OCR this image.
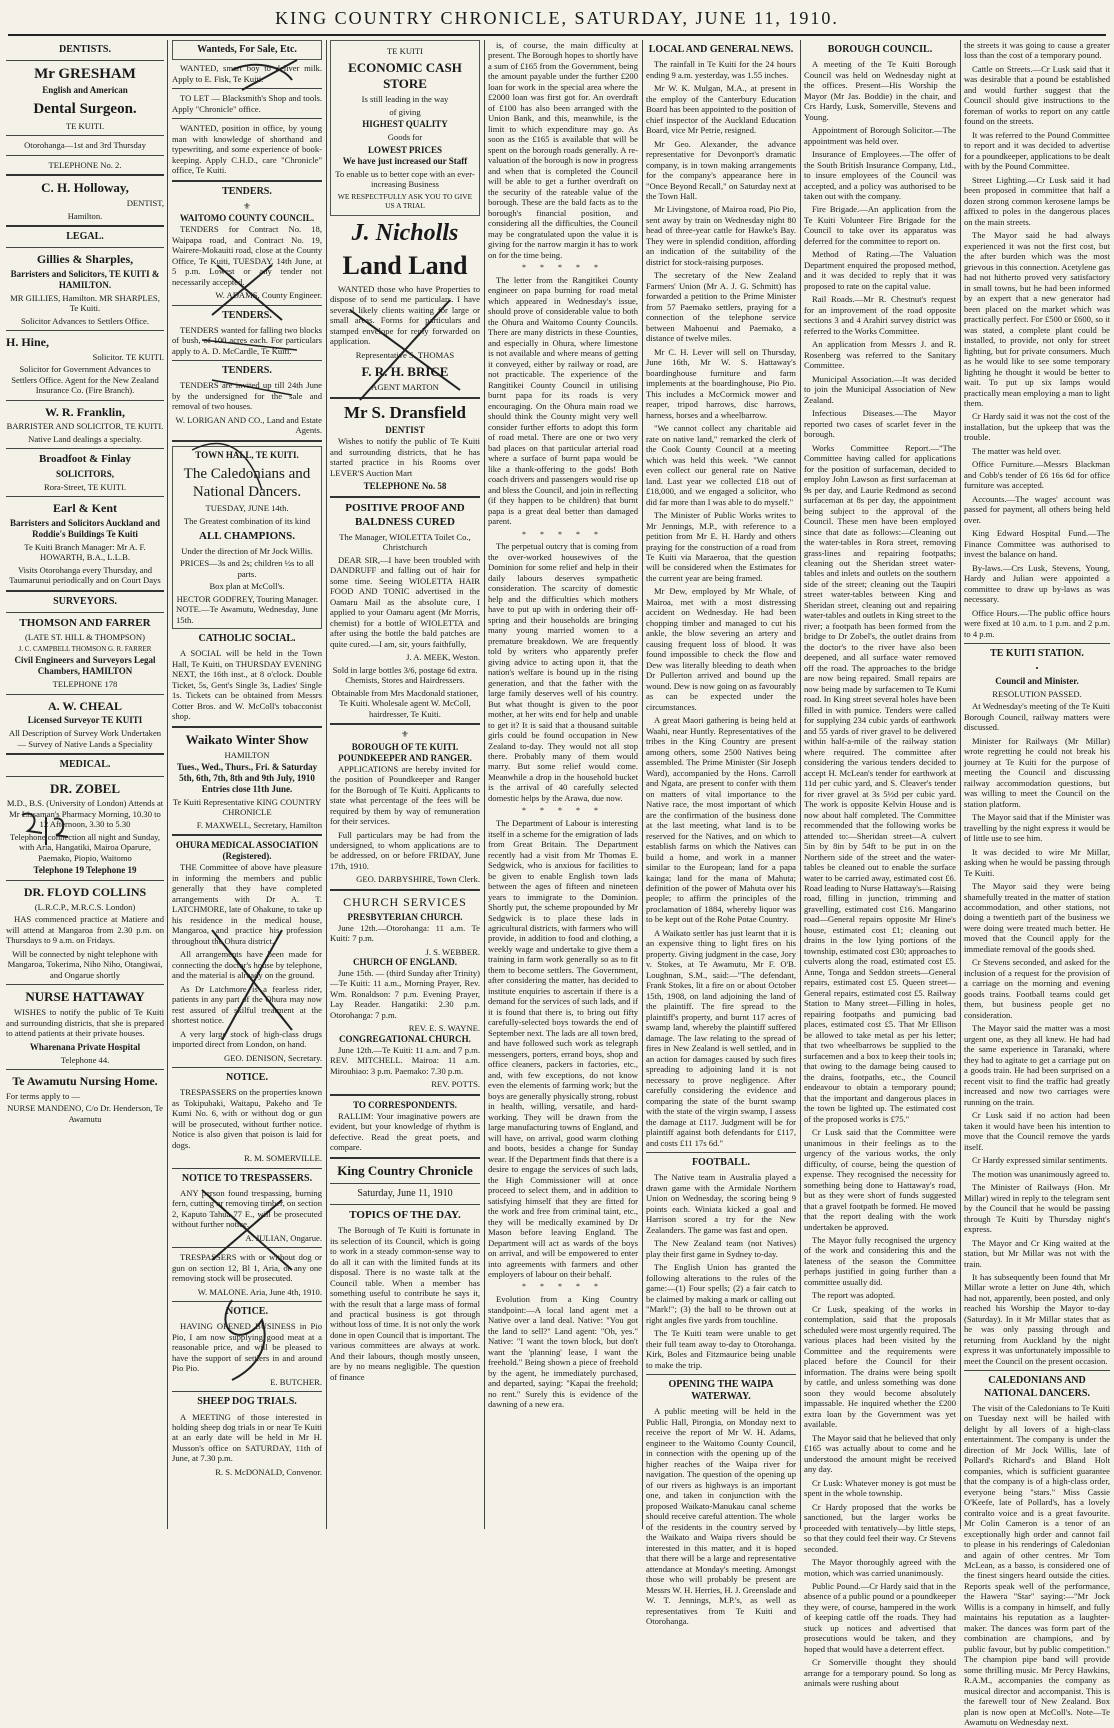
KING COUNTRY CHRONICLE, SATURDAY, JUNE 11, 1910.
DENTISTS.
Mr GRESHAM
English and American
Dental Surgeon.
TE KUITI.
Otorohanga—1st and 3rd Thursday
TELEPHONE No. 2.
C. H. Holloway,
DENTIST,
Hamilton.
LEGAL.
Gillies & Sharples,
Barristers and Solicitors, TE KUITI & HAMILTON.
MR GILLIES, Hamilton. MR SHARPLES, Te Kuiti.
Solicitor Advances to Settlers Office.
H. Hine,
Solicitor. TE KUITI.
Solicitor for Government Advances to Settlers Office. Agent for the New Zealand Insurance Co. (Fire Branch).
W. R. Franklin,
BARRISTER AND SOLICITOR, TE KUITI.
Native Land dealings a specialty.
Broadfoot & Finlay
SOLICITORS,
Rora-Street, TE KUITI.
Earl & Kent
Barristers and Solicitors Auckland and Roddie's Buildings Te Kuiti
Te Kuiti Branch Manager: Mr A. F. HOWARTH, B.A., L.L.B.
Visits Otorohanga every Thursday, and Taumarunui periodically and on Court Days
SURVEYORS.
THOMSON AND FARRER
(LATE ST. HILL & THOMPSON)
J. C. CAMPBELL THOMSON G. R. FARRER
Civil Engineers and Surveyors Legal Chambers, HAMILTON
TELEPHONE 178
A. W. CHEAL
Licensed Surveyor TE KUITI
All Description of Survey Work Undertaken — Survey of Native Lands a Speciality
MEDICAL.
DR. ZOBEL
M.D., B.S. (University of London) Attends at Mr Lissaman's Pharmacy Morning, 10.30 to 12 Afternoon, 3.30 to 5.30
Telephone connection all night and Sunday, with Aria, Hangatiki, Mairoa Oparure, Paemako, Piopio, Waitomo
Telephone 19 Telephone 19
DR. FLOYD COLLINS
(L.R.C.P., M.R.C.S. London)

HAS commenced practice at Matiere and will attend at Mangaroa from 2.30 p.m. on Thursdays to 9 a.m. on Fridays.

Will be connected by night telephone with Mangaroa, Tokerima, Niho Niho, Otangiwai, and Ongarue shortly
NURSE HATTAWAY

WISHES to notify the public of Te Kuiti and surrounding districts, that she is prepared to attend patients at their private houses.

Wharenana Private Hospital
Telephone 44.
Te Awamutu Nursing Home.
For terms apply to —
NURSE MANDENO, C/o Dr. Henderson, Te Awamutu
Wanteds, For Sale, Etc.

WANTED, smart boy to deliver milk. Apply to E. Fisk, Te Kuiti.

TO LET — Blacksmith's Shop and tools. Apply "Chronicle" office.

WANTED, position in office, by young man with knowledge of shorthand and typewriting, and some experience of book-keeping. Apply C.H.D., care "Chronicle" office, Te Kuiti.

TENDERS.
⚜
WAITOMO COUNTY COUNCIL.

TENDERS for Contract No. 18, Waipapa road, and Contract No. 19, Wairere-Mokauiti road, close at the County Office, Te Kuiti, TUESDAY, 14th June, at 5 p.m. Lowest or any tender not necessarily accepted.

W. ADAMS, County Engineer.
TENDERS.

TENDERS wanted for falling two blocks of bush, of 100 acres each. For particulars apply to A. D. McCardle, Te Kuiti.

TENDERS.

TENDERS are invited up till 24th June by the undersigned for the sale and removal of two houses.

W. LORIGAN AND CO., Land and Estate Agents.
TOWN HALL, TE KUITI.
The Caledonians and National Dancers.
TUESDAY, JUNE 14th.
The Greatest combination of its kind
ALL CHAMPIONS.
Under the direction of Mr Jock Willis.
PRICES—3s and 2s; children ½s to all parts.
Box plan at McColl's.
HECTOR GODFREY, Touring Manager.
NOTE.—Te Awamutu, Wednesday, June 15th.
CATHOLIC SOCIAL.

A SOCIAL will be held in the Town Hall, Te Kuiti, on THURSDAY EVENING NEXT, the 16th inst., at 8 o'clock. Double Ticket, 5s, Gent's Single 3s, Ladies' Single 1s. Tickets can be obtained from Messrs Cotter Bros. and W. McColl's tobacconist shop.

Waikato Winter Show
HAMILTON
Tues., Wed., Thurs., Fri. & Saturday 5th, 6th, 7th, 8th and 9th July, 1910
Entries close 11th June.
Te Kuiti Representative KING COUNTRY CHRONICLE
F. MAXWELL, Secretary, Hamilton
OHURA MEDICAL ASSOCIATION (Registered).

THE Committee of above have pleasure in informing the members and public generally that they have completed arrangements with Dr A. T. LATCHMORE, late of Ohakune, to take up his residence in the medical house, Mangaroa, and practice his profession throughout the Ohura district.

All arrangements have been made for connecting the doctor's house by telephone, and the material is already on the ground.

As Dr Latchmore is a fearless rider, patients in any part of the Ohura may now rest assured of skilful treatment at the shortest notice.

A very large stock of high-class drugs imported direct from London, on hand.

GEO. DENISON, Secretary.
NOTICE.

TRESPASSERS on the properties known as Tokipuhaki, Waitapu, Pakeho and Te Kumi No. 6, with or without dog or gun will be prosecuted, without further notice. Notice is also given that poison is laid for dogs.

R. M. SOMERVILLE.
NOTICE TO TRESPASSERS.

ANY person found trespassing, burning fern, cutting or removing timber, on section 2, Kaputo Tahua 77 E., will be prosecuted without further notice.

A. JULIAN, Ongarue.

TRESPASSERS with or without dog or gun on section 12, Bl 1, Aria, or any one removing stock will be prosecuted.

W. MALONE. Aria, June 4th, 1910.
NOTICE.

HAVING OPENED BUSINESS in Pio Pio, I am now supplying good meat at a reasonable price, and will be pleased to have the support of settlers in and around Pio Pio.

E. BUTCHER.
SHEEP DOG TRIALS.

A MEETING of those interested in holding sheep dog trials in or near Te Kuiti at an early date will be held in Mr H. Musson's office on SATURDAY, 11th of June, at 7.30 p.m.

R. S. McDONALD, Convenor.
TE KUITI
ECONOMIC CASH STORE
Is still leading in the way
of giving
HIGHEST QUALITY
Goods for
LOWEST PRICES
We have just increased our Staff
To enable us to better cope with an ever-increasing Business
WE RESPECTFULLY ASK YOU TO GIVE US A TRIAL
J. Nicholls
Land Land

WANTED those who have Properties to dispose of to send me particulars. I have several likely clients waiting for large or small areas. Forms for particulars and stamped envelope for reply forwarded on application.

Representative S. THOMAS
F. R. H. BRICE
AGENT MARTON
Mr S. Dransfield
DENTIST

Wishes to notify the public of Te Kuiti and surrounding districts, that he has started practice in his Rooms over LEVER'S Auction Mart

TELEPHONE No. 58
POSITIVE PROOF AND BALDNESS CURED
The Manager, WIOLETTA Toilet Co., Christchurch

DEAR SIR,—I have been troubled with DANDRUFF and falling out of hair for some time. Seeing WIOLETTA HAIR FOOD AND TONIC advertised in the Oamaru Mail as the absolute cure, I applied to your Oamaru agent (Mr Morris, chemist) for a bottle of WIOLETTA and after using the bottle the bald patches are quite cured.—I am, sir, yours faithfully,

J. A. MEEK, Weston.
Sold in large bottles 3/6, postage 6d extra. Chemists, Stores and Hairdressers.
Obtainable from Mrs Macdonald stationer, Te Kuiti. Wholesale agent W. McColl, hairdresser, Te Kuiti.
⚜
BOROUGH OF TE KUITI.
POUNDKEEPER AND RANGER.

APPLICATIONS are hereby invited for the position of Poundkeeper and Ranger for the Borough of Te Kuiti. Applicants to state what percentage of the fees will be required by them by way of remuneration for their services.

Full particulars may be had from the undersigned, to whom applications are to be addressed, on or before FRIDAY, June 17th, 1910.

GEO. DARBYSHIRE, Town Clerk.
CHURCH SERVICES
PRESBYTERIAN CHURCH.

June 12th.—Otorohanga: 11 a.m. Te Kuiti: 7 p.m.

J. S. WEBBER.
CHURCH OF ENGLAND.

June 15th. — (third Sunday after Trinity)—Te Kuiti: 11 a.m., Morning Prayer, Rev. Wm. Ronaldson: 7 p.m. Evening Prayer, Lay Reader. Hangatiki: 2.30 p.m. Otorohanga: 7 p.m.

REV. E. S. WAYNE.
CONGREGATIONAL CHURCH.

June 12th.—Te Kuiti: 11 a.m. and 7 p.m. REV. MITCHELL. Mairoa: 11 a.m. Mirouhiao: 3 p.m. Paemako: 7.30 p.m.

REV. POTTS.
TO CORRESPONDENTS.

RALLIM: Your imaginative powers are evident, but your knowledge of rhythm is defective. Read the great poets, and compare.

King Country Chronicle
Saturday, June 11, 1910
TOPICS OF THE DAY.

The Borough of Te Kuiti is fortunate in its selection of its Council, which is going to work in a steady common-sense way to do all it can with the limited funds at its disposal. There is no waste talk at the Council table. When a member has something useful to contribute he says it, with the result that a large mass of formal and practical business is got through without loss of time. It is not only the work done in open Council that is important. The various committees are always at work. And their labours, though mostly unseen, are by no means negligible. The question of finance

is, of course, the main difficulty at present. The Borough hopes to shortly have a sum of £165 from the Government, being the amount payable under the further £200 loan for work in the special area where the £2000 loan was first got for. An overdraft of £100 has also been arranged with the Union Bank, and this, meanwhile, is the limit to which expenditure may go. As soon as the £165 is available that will be spent on the borough roads generally. A re-valuation of the borough is now in progress and when that is completed the Council will be able to get a further overdraft on the security of the rateable value of the borough. These are the bald facts as to the borough's financial position, and considering all the difficulties, the Council may be congratulated upon the value it is giving for the narrow margin it has to work on for the time being.

* * * * *

The letter from the Rangitikei County engineer on papa burning for road metal which appeared in Wednesday's issue, should prove of considerable value to both the Ohura and Waitomo County Councils. There are many districts in these Counties, and especially in Ohura, where limestone is not available and where means of getting it conveyed, either by railway or road, are not practicable. The experience of the Rangitikei County Council in utilising burnt papa for its roads is very encouraging. On the Ohura main road we should think the County might very well consider further efforts to adopt this form of road metal. There are one or two very bad places on that particular arterial road where a surface of burnt papa would be like a thank-offering to the gods! Both coach drivers and passengers would rise up and bless the Council, and join in reflecting (if they happen to be children) that burnt papa is a great deal better than damaged parent.

* * * * *

The perpetual outcry that is coming from the over-worked housewives of the Dominion for some relief and help in their daily labours deserves sympathetic consideration. The scarcity of domestic help and the difficulties which mothers have to put up with in ordering their off-spring and their households are bringing many young married women to a premature breakdown. We are frequently told by writers who apparently prefer giving advice to acting upon it, that the nation's welfare is bound up in the rising generation, and that the father with the large family deserves well of his country. But what thought is given to the poor mother, at her wits end for help and unable to get it? It is said that a thousand suitable girls could be found occupation in New Zealand to-day. They would not all stop there. Probably many of them would marry. But some relief would come. Meanwhile a drop in the household bucket is the arrival of 40 carefully selected domestic helps by the Arawa, due now.

* * * * *

The Department of Labour is interesting itself in a scheme for the emigration of lads from Great Britain. The Department recently had a visit from Mr Thomas E. Sedgwick, who is anxious for facilities to be given to enable English town lads between the ages of fifteen and nineteen years to immigrate to the Dominion. Shortly put, the scheme propounded by Mr Sedgwick is to place these lads in agricultural districts, with farmers who will provide, in addition to food and clothing, a weekly wage and undertake to give them a training in farm work generally so as to fit them to become settlers. The Government, after considering the matter, has decided to institute enquiries to ascertain if there is a demand for the services of such lads, and if it is found that there is, to bring out fifty carefully-selected boys towards the end of September next. The lads are all town bred, and have followed such work as telegraph messengers, porters, errand boys, shop and office cleaners, packers in factories, etc., and, with few exceptions, do not know even the elements of farming work; but the boys are generally physically strong, robust in health, willing, versatile, and hard-working. They will be drawn from the large manufacturing towns of England, and will have, on arrival, good warm clothing and boots, besides a change for Sunday wear. If the Department finds that there is a desire to engage the services of such lads, the High Commissioner will at once proceed to select them, and in addition to satisfying himself that they are fitted for the work and free from criminal taint, etc., they will be medically examined by Dr Mason before leaving England. The Department will act as wards of the boys on arrival, and will be empowered to enter into agreements with farmers and other employers of labour on their behalf.

* * * * *

Evolution from a King Country standpoint:—A local land agent met a Native over a land deal. Native: "You got the land to sell?" Land agent: "Oh, yes." Native: "I want the town block, but don't want the 'planning' lease, I want the freehold." Being shown a piece of freehold by the agent, he immediately purchased, and departed, saying: "Kapai the freehold; no rent." Surely this is evidence of the dawning of a new era.

LOCAL AND GENERAL NEWS.

The rainfall in Te Kuiti for the 24 hours ending 9 a.m. yesterday, was 1.55 inches.

Mr W. K. Mulgan, M.A., at present in the employ of the Canterbury Education Board has been appointed to the position of chief inspector of the Auckland Education Board, vice Mr Petrie, resigned.

Mr Geo. Alexander, the advance representative for Devonport's dramatic company, is in town making arrangements for the company's appearance here in "Once Beyond Recall," on Saturday next at the Town Hall.

Mr Livingstone, of Mairoa road, Pio Pio, sent away by train on Wednesday night 80 head of three-year cattle for Hawke's Bay. They were in splendid condition, affording an indication of the suitability of the district for stock-raising purposes.

The secretary of the New Zealand Farmers' Union (Mr A. J. G. Schmitt) has forwarded a petition to the Prime Minister from 57 Paemako settlers, praying for a connection of the telephone service between Mahoenui and Paemako, a distance of twelve miles.

Mr C. H. Lever will sell on Thursday, June 16th, Mr W. S. Hattaway's boardinghouse furniture and farm implements at the boardinghouse, Pio Pio. This includes a McCormick mower and reaper, tripod harrows, disc harrows, harness, horses and a wheelbarrow.

"We cannot collect any charitable aid rate on native land," remarked the clerk of the Cook County Council at a meeting which was held this week. "We cannot even collect our general rate on Native land. Last year we collected £18 out of £18,000, and we engaged a solicitor, who did far more than I was able to do myself."

The Minister of Public Works writes to Mr Jennings, M.P., with reference to a petition from Mr E. H. Hardy and others praying for the construction of a road from Te Kuiti via Maraeroa, that the question will be considered when the Estimates for the current year are being framed.

Mr Dew, employed by Mr Whale, of Mairoa, met with a most distressing accident on Wednesday. He had been chopping timber and managed to cut his ankle, the blow severing an artery and causing frequent loss of blood. It was found impossible to check the flow and Dew was literally bleeding to death when Dr Pullerton arrived and bound up the wound. Dew is now going on as favourably as can be expected under the circumstances.

A great Maori gathering is being held at Waahi, near Huntly. Representatives of the tribes in the King Country are present among others, some 2500 Natives being assembled. The Prime Minister (Sir Joseph Ward), accompanied by the Hons. Carroll and Ngata, are present to confer with them on matters of vital importance to the Native race, the most important of which are the confirmation of the business done at the last meeting, what land is to be reserved for the Natives, and on which to establish farms on which the Natives can build a home, and work in a manner similar to the European; land for a papa kainga; land for the mana of Mahuta; definition of the power of Mahuta over his people; to affirm the principles of the proclamation of 1884, whereby liquor was to be kept out of the Rohe Potae Country.

A Waikato settler has just learnt that it is an expensive thing to light fires on his property. Giving judgment in the case, Jory v. Stokes, at Te Awamutu, Mr F. O'B. Loughnan, S.M., said:—"The defendant, Frank Stokes, lit a fire on or about October 15th, 1908, on land adjoining the land of the plaintiff. The fire spread to the plaintiff's property, and burnt 117 acres of swamp land, whereby the plaintiff suffered damage. The law relating to the spread of fires in New Zealand is well settled, and in an action for damages caused by such fires spreading to adjoining land it is not necessary to prove negligence. After carefully considering the evidence and comparing the state of the burnt swamp with the state of the virgin swamp, I assess the damage at £117. Judgment will be for plaintiff against both defendants for £117, and costs £11 17s 6d."

FOOTBALL.

The Native team in Australia played a drawn game with the Armidale Northern Union on Wednesday, the scoring being 9 points each. Winiata kicked a goal and Harrison scored a try for the New Zealanders. The game was fast and open.

The New Zealand team (not Natives) play their first game in Sydney to-day.

The English Union has granted the following alterations to the rules of the game:—(1) Four spells; (2) a fair catch to be claimed by making a mark or calling out "Mark!"; (3) the ball to be thrown out at right angles five yards from touchline.

The Te Kuiti team were unable to get their full team away to-day to Otorohanga. Kirk, Boles and Fitzmaurice being unable to make the trip.

OPENING THE WAIPA WATERWAY.

A public meeting will be held in the Public Hall, Pirongia, on Monday next to receive the report of Mr W. H. Adams, engineer to the Waitomo County Council, in connection with the opening up of the higher reaches of the Waipa river for navigation. The question of the opening up of our rivers as highways is an important one, and taken in conjunction with the proposed Waikato-Manukau canal scheme should receive careful attention. The whole of the residents in the country served by the Waikato and Waipa rivers should be interested in this matter, and it is hoped that there will be a large and representative attendance at Monday's meeting. Amongst those who will probably be present are Messrs W. H. Herries, H. J. Greenslade and W. T. Jennings, M.P.'s, as well as representatives from Te Kuiti and Otorohanga.

BOROUGH COUNCIL.

A meeting of the Te Kuiti Borough Council was held on Wednesday night at the offices. Present—His Worship the Mayor (Mr Jas. Boddie) in the chair, and Crs Hardy, Lusk, Somerville, Stevens and Young.

Appointment of Borough Solicitor.—The appointment was held over.

Insurance of Employees.—The offer of the South British Insurance Company, Ltd., to insure employees of the Council was accepted, and a policy was authorised to be taken out with the company.

Fire Brigade.—An application from the Te Kuiti Volunteer Fire Brigade for the Council to take over its apparatus was deferred for the committee to report on.

Method of Rating.—The Valuation Department enquired the proposed method, and it was decided to reply that it was proposed to rate on the capital value.

Rail Roads.—Mr R. Chestnut's request for an improvement of the road opposite sections 3 and 4 Arahiri survey district was referred to the Works Committee.

An application from Messrs J. and R. Rosenberg was referred to the Sanitary Committee.

Municipal Association.—It was decided to join the Municipal Association of New Zealand.

Infectious Diseases.—The Mayor reported two cases of scarlet fever in the borough.

Works Committee Report.—"The Committee having called for applications for the position of surfaceman, decided to employ John Lawson as first surfaceman at 9s per day, and Laurie Redmond as second surfaceman at 8s per day, the appointment being subject to the approval of the Council. These men have been employed since that date as follows:—Cleaning out the water-tables in Rora street, removing grass-lines and repairing footpaths; cleaning out the Sheridan street water-tables and inlets and outlets on the southern side of the street; cleaning out the Taupiri street water-tables between King and Sheridan street, cleaning out and repairing water-tables and outlets in King street to the river; a footpath has been formed from the bridge to Dr Zobel's, the outlet drains from the doctor's to the river have also been deepened, and all surface water removed off the road. The approaches to the bridge are now being repaired. Small repairs are now being made by surfacemen to Te Kumi road. In King street several holes have been filled in with pumice. Tenders were called for supplying 234 cubic yards of earthwork and 55 yards of river gravel to be delivered within half-a-mile of the railway station where required. The committee after considering the various tenders decided to accept H. McLean's tender for earthwork at 11d per cubic yard, and S. Cleaver's tender for river gravel at 3s 5½d per cubic yard. The work is opposite Kelvin House and is now about half completed. The Committee recommended that the following works be attended to:—Sheridan street—A culvert 5in by 8in by 54ft to be put in on the Northern side of the street and the water-tables be cleaned out to enable the surface water to be carried away, estimated cost £6. Road leading to Nurse Hattaway's—Raising road, filling in junction, trimming and gravelling, estimated cost £16. Mangarino road—General repairs opposite Mr Hine's house, estimated cost £1; cleaning out drains in the low lying portions of the township, estimated cost £30; approaches to culverts along the road, estimated cost £5. Anne, Tonga and Seddon streets—General repairs, estimated cost £5. Queen street—General repairs, estimated cost £5. Railway Station to Many street—Filling in holes, repairing footpaths and pumicing bad places, estimated cost £5. That Mr Ellison be allowed to take metal as per his letter; that two wheelbarrows be supplied to the surfacemen and a box to keep their tools in; that owing to the damage being caused to the drains, footpaths, etc., the Council endeavour to obtain a temporary pound; that the important and dangerous places in the town be lighted up. The estimated cost of the proposed works is £75."

Cr Lusk said that the Committee were unanimous in their feelings as to the urgency of the various works, the only difficulty, of course, being the question of expense. They recognised the necessity for something being done to Hattaway's road, but as they were short of funds suggested that a gravel footpath be formed. He moved that the report dealing with the work undertaken be approved.

The Mayor fully recognised the urgency of the work and considering this and the lateness of the season the Committee perhaps justified in going further than a committee usually did.

The report was adopted.

Cr Lusk, speaking of the works in contemplation, said that the proposals scheduled were most urgently required. The various places had been visited by the Committee and the requirements were placed before the Council for their information. The drains were being spoilt by cattle, and unless something was done soon they would become absolutely impassable. He inquired whether the £200 extra loan by the Government was yet available.

The Mayor said that he believed that only £165 was actually about to come and he understood the amount might be received any day.

Cr Lusk: Whatever money is got must be spent in the whole township.

Cr Hardy proposed that the works be sanctioned, but the larger works be proceeded with tentatively—by little steps, so that they could feel their way. Cr Stevens seconded.

The Mayor thoroughly agreed with the motion, which was carried unanimously.

Public Pound.—Cr Hardy said that in the absence of a public pound or a poundkeeper they were, of course, hampered in the work of keeping cattle off the roads. They had stuck up notices and advertised that prosecutions would be taken, and they hoped that would have a deterrent effect.

Cr Somerville thought they should arrange for a temporary pound. So long as animals were rushing about

the streets it was going to cause a greater loss than the cost of a temporary pound.

Cattle on Streets.—Cr Lusk said that it was desirable that a pound be established and would further suggest that the Council should give instructions to the foreman of works to report on any cattle found on the streets.

It was referred to the Pound Committee to report and it was decided to advertise for a poundkeeper, applications to be dealt with by the Pound Committee.

Street Lighting.—Cr Lusk said it had been proposed in committee that half a dozen strong common kerosene lamps be affixed to poles in the dangerous places on the main streets.

The Mayor said he had always experienced it was not the first cost, but the after burden which was the most grievous in this connection. Acetylene gas had not hitherto proved very satisfactory in small towns, but he had been informed by an expert that a new generator had been placed on the market which was practically perfect. For £500 or £600, so it was stated, a complete plant could be installed, to provide, not only for street lighting, but for private consumers. Much as he would like to see some temporary lighting he thought it would be better to wait. To put up six lamps would practically mean employing a man to light them.

Cr Hardy said it was not the cost of the installation, but the upkeep that was the trouble.

The matter was held over.

Office Furniture.—Messrs Blackman and Cobb's tender of £6 16s 6d for office furniture was accepted.

Accounts.—The wages' account was passed for payment, all others being held over.

King Edward Hospital Fund.—The Finance Committee was authorised to invest the balance on hand.

By-laws.—Crs Lusk, Stevens, Young, Hardy and Julian were appointed a committee to draw up by-laws as was necessary.

Office Hours.—The public office hours were fixed at 10 a.m. to 1 p.m. and 2 p.m. to 4 p.m.

TE KUITI STATION.
•
Council and Minister.
RESOLUTION PASSED.

At Wednesday's meeting of the Te Kuiti Borough Council, railway matters were discussed.

Minister for Railways (Mr Millar) wrote regretting he could not break his journey at Te Kuiti for the purpose of meeting the Council and discussing railway accommodation questions, but was willing to meet the Council on the station platform.

The Mayor said that if the Minister was travelling by the night express it would be of little use to see him.

It was decided to wire Mr Millar, asking when he would be passing through Te Kuiti.

The Mayor said they were being shamefully treated in the matter of station accommodation, and other stations, not doing a twentieth part of the business we were doing were treated much better. He moved that the Council apply for the immediate removal of the goods shed.

Cr Stevens seconded, and asked for the inclusion of a request for the provision of a carriage on the morning and evening goods trains. Football teams could get them, but business people get no consideration.

The Mayor said the matter was a most urgent one, as they all knew. He had had the same experience in Taranaki, where they had to agitate to get a carriage put on a goods train. He had been surprised on a recent visit to find the traffic had greatly increased and now two carriages were running on the train.

Cr Lusk said if no action had been taken it would have been his intention to move that the Council remove the yards itself.

Cr Hardy expressed similar sentiments.

The motion was unanimously agreed to.

The Minister of Railways (Hon. Mr Millar) wired in reply to the telegram sent by the Council that he would be passing through Te Kuiti by Thursday night's express.

The Mayor and Cr King waited at the station, but Mr Millar was not with the train.

It has subsequently been found that Mr Millar wrote a letter on June 4th, which had not, apparently, been posted, and only reached his Worship the Mayor to-day (Saturday). In it Mr Millar states that as he was only passing through and returning from Auckland by the night express it was unfortunately impossible to meet the Council on the present occasion.

CALEDONIANS AND NATIONAL DANCERS.

The visit of the Caledonians to Te Kuiti on Tuesday next will be hailed with delight by all lovers of a high-class entertainment. The company is under the direction of Mr Jock Willis, late of Pollard's Richard's and Bland Holt companies, which is sufficient guarantee that the company is of a high-class order, everyone being "stars." Miss Cassie O'Keefe, late of Pollard's, has a lovely contralto voice and is a great favourite. Mr Colin Cameron is a tenor of an exceptionally high order and cannot fail to please in his renderings of Caledonian and again of other centres. Mr Tom McLean, as a basso, is considered one of the finest singers heard outside the cities. Reports speak well of the performance, the Hawera "Star" saying:—"Mr Jock Willis is a company in himself, and fully maintains his reputation as a laughter-maker. The dances was form part of the combination are champions, and by public favour, but by public competition." The champion pipe band will provide some thrilling music. Mr Percy Hawkins, R.A.M., accompanies the company as musical director and accompanist. This is the farewell tour of New Zealand. Box plan is now open at McColl's. Note—Te Awamutu on Wednesday next.
